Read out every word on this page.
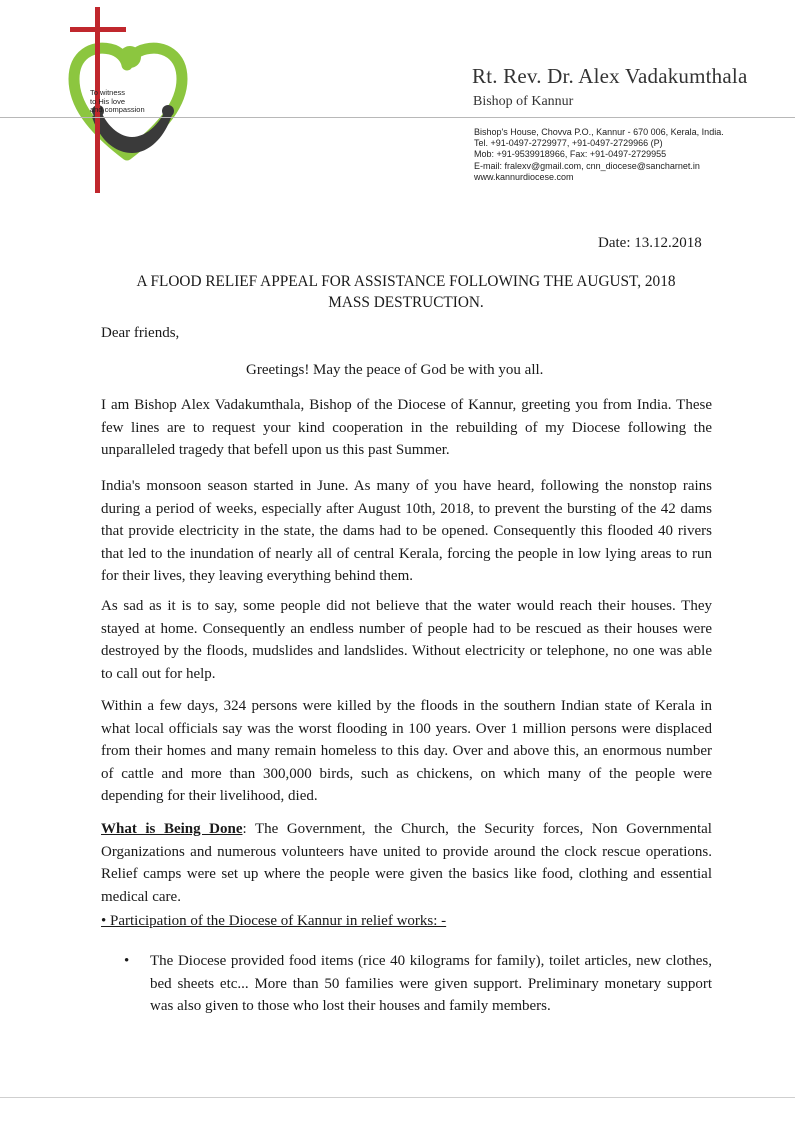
To witness
to His love
and compassion
Rt. Rev. Dr. Alex Vadakumthala
Bishop of Kannur
Bishop's House, Chovva P.O., Kannur - 670 006, Kerala, India.
Tel. +91-0497-2729977, +91-0497-2729966 (P)
Mob: +91-9539918966, Fax: +91-0497-2729955
E-mail: fralexv@gmail.com, cnn_diocese@sancharnet.in
www.kannurdiocese.com
Date: 13.12.2018
A FLOOD RELIEF APPEAL FOR ASSISTANCE FOLLOWING THE AUGUST, 2018
MASS DESTRUCTION.
Dear friends,
Greetings! May the peace of God be with you all.
I am Bishop Alex Vadakumthala, Bishop of the Diocese of Kannur, greeting you from India. These few lines are to request your kind cooperation in the rebuilding of my Diocese following the unparalleled tragedy that befell upon us this past Summer.
India's monsoon season started in June. As many of you have heard, following the nonstop rains during a period of weeks, especially after August 10th, 2018, to prevent the bursting of the 42 dams that provide electricity in the state, the dams had to be opened. Consequently this flooded 40 rivers that led to the inundation of nearly all of central Kerala, forcing the people in low lying areas to run for their lives, they leaving everything behind them.
As sad as it is to say, some people did not believe that the water would reach their houses. They stayed at home. Consequently an endless number of people had to be rescued as their houses were destroyed by the floods, mudslides and landslides. Without electricity or telephone, no one was able to call out for help.
Within a few days, 324 persons were killed by the floods in the southern Indian state of Kerala in what local officials say was the worst flooding in 100 years. Over 1 million persons were displaced from their homes and many remain homeless to this day. Over and above this, an enormous number of cattle and more than 300,000 birds, such as chickens, on which many of the people were depending for their livelihood, died.
What is Being Done: The Government, the Church, the Security forces, Non Governmental Organizations and numerous volunteers have united to provide around the clock rescue operations. Relief camps were set up where the people were given the basics like food, clothing and essential medical care.
• Participation of the Diocese of Kannur in relief works: -
• The Diocese provided food items (rice 40 kilograms for family), toilet articles, new clothes, bed sheets etc... More than 50 families were given support. Preliminary monetary support was also given to those who lost their houses and family members.
